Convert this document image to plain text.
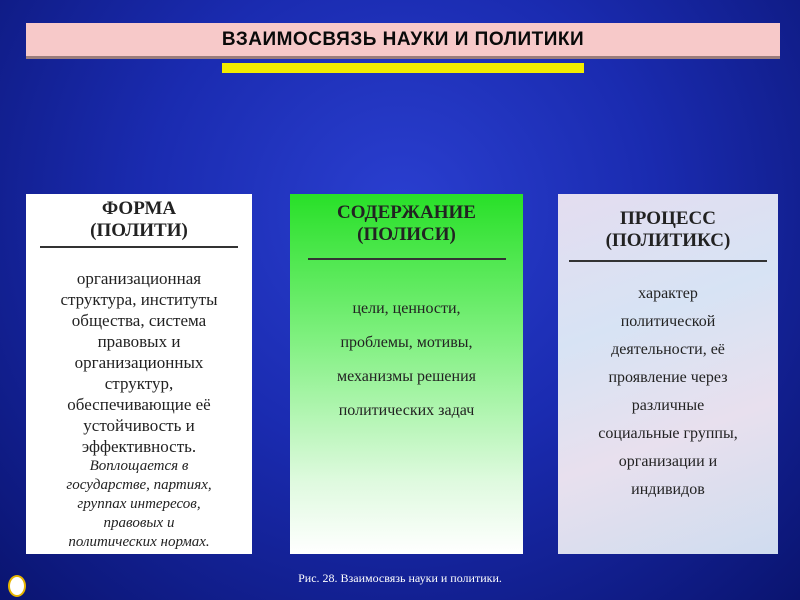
ВЗАИМОСВЯЗЬ НАУКИ И ПОЛИТИКИ
ФОРМА
(ПОЛИТИ)
организационная
структура, институты
общества, система
правовых и
организационных
структур,
обеспечивающие её
устойчивость и
эффективность.
Воплощается в
государстве, партиях,
группах интересов,
правовых и
политических нормах.
СОДЕРЖАНИЕ
(ПОЛИСИ)
цели, ценности,
проблемы, мотивы,
механизмы решения
политических задач
ПРОЦЕСС
(ПОЛИТИКС)
характер
политической
деятельности, её
проявление через
различные
социальные группы,
организации и
индивидов
Рис. 28. Взаимосвязь науки и политики.
